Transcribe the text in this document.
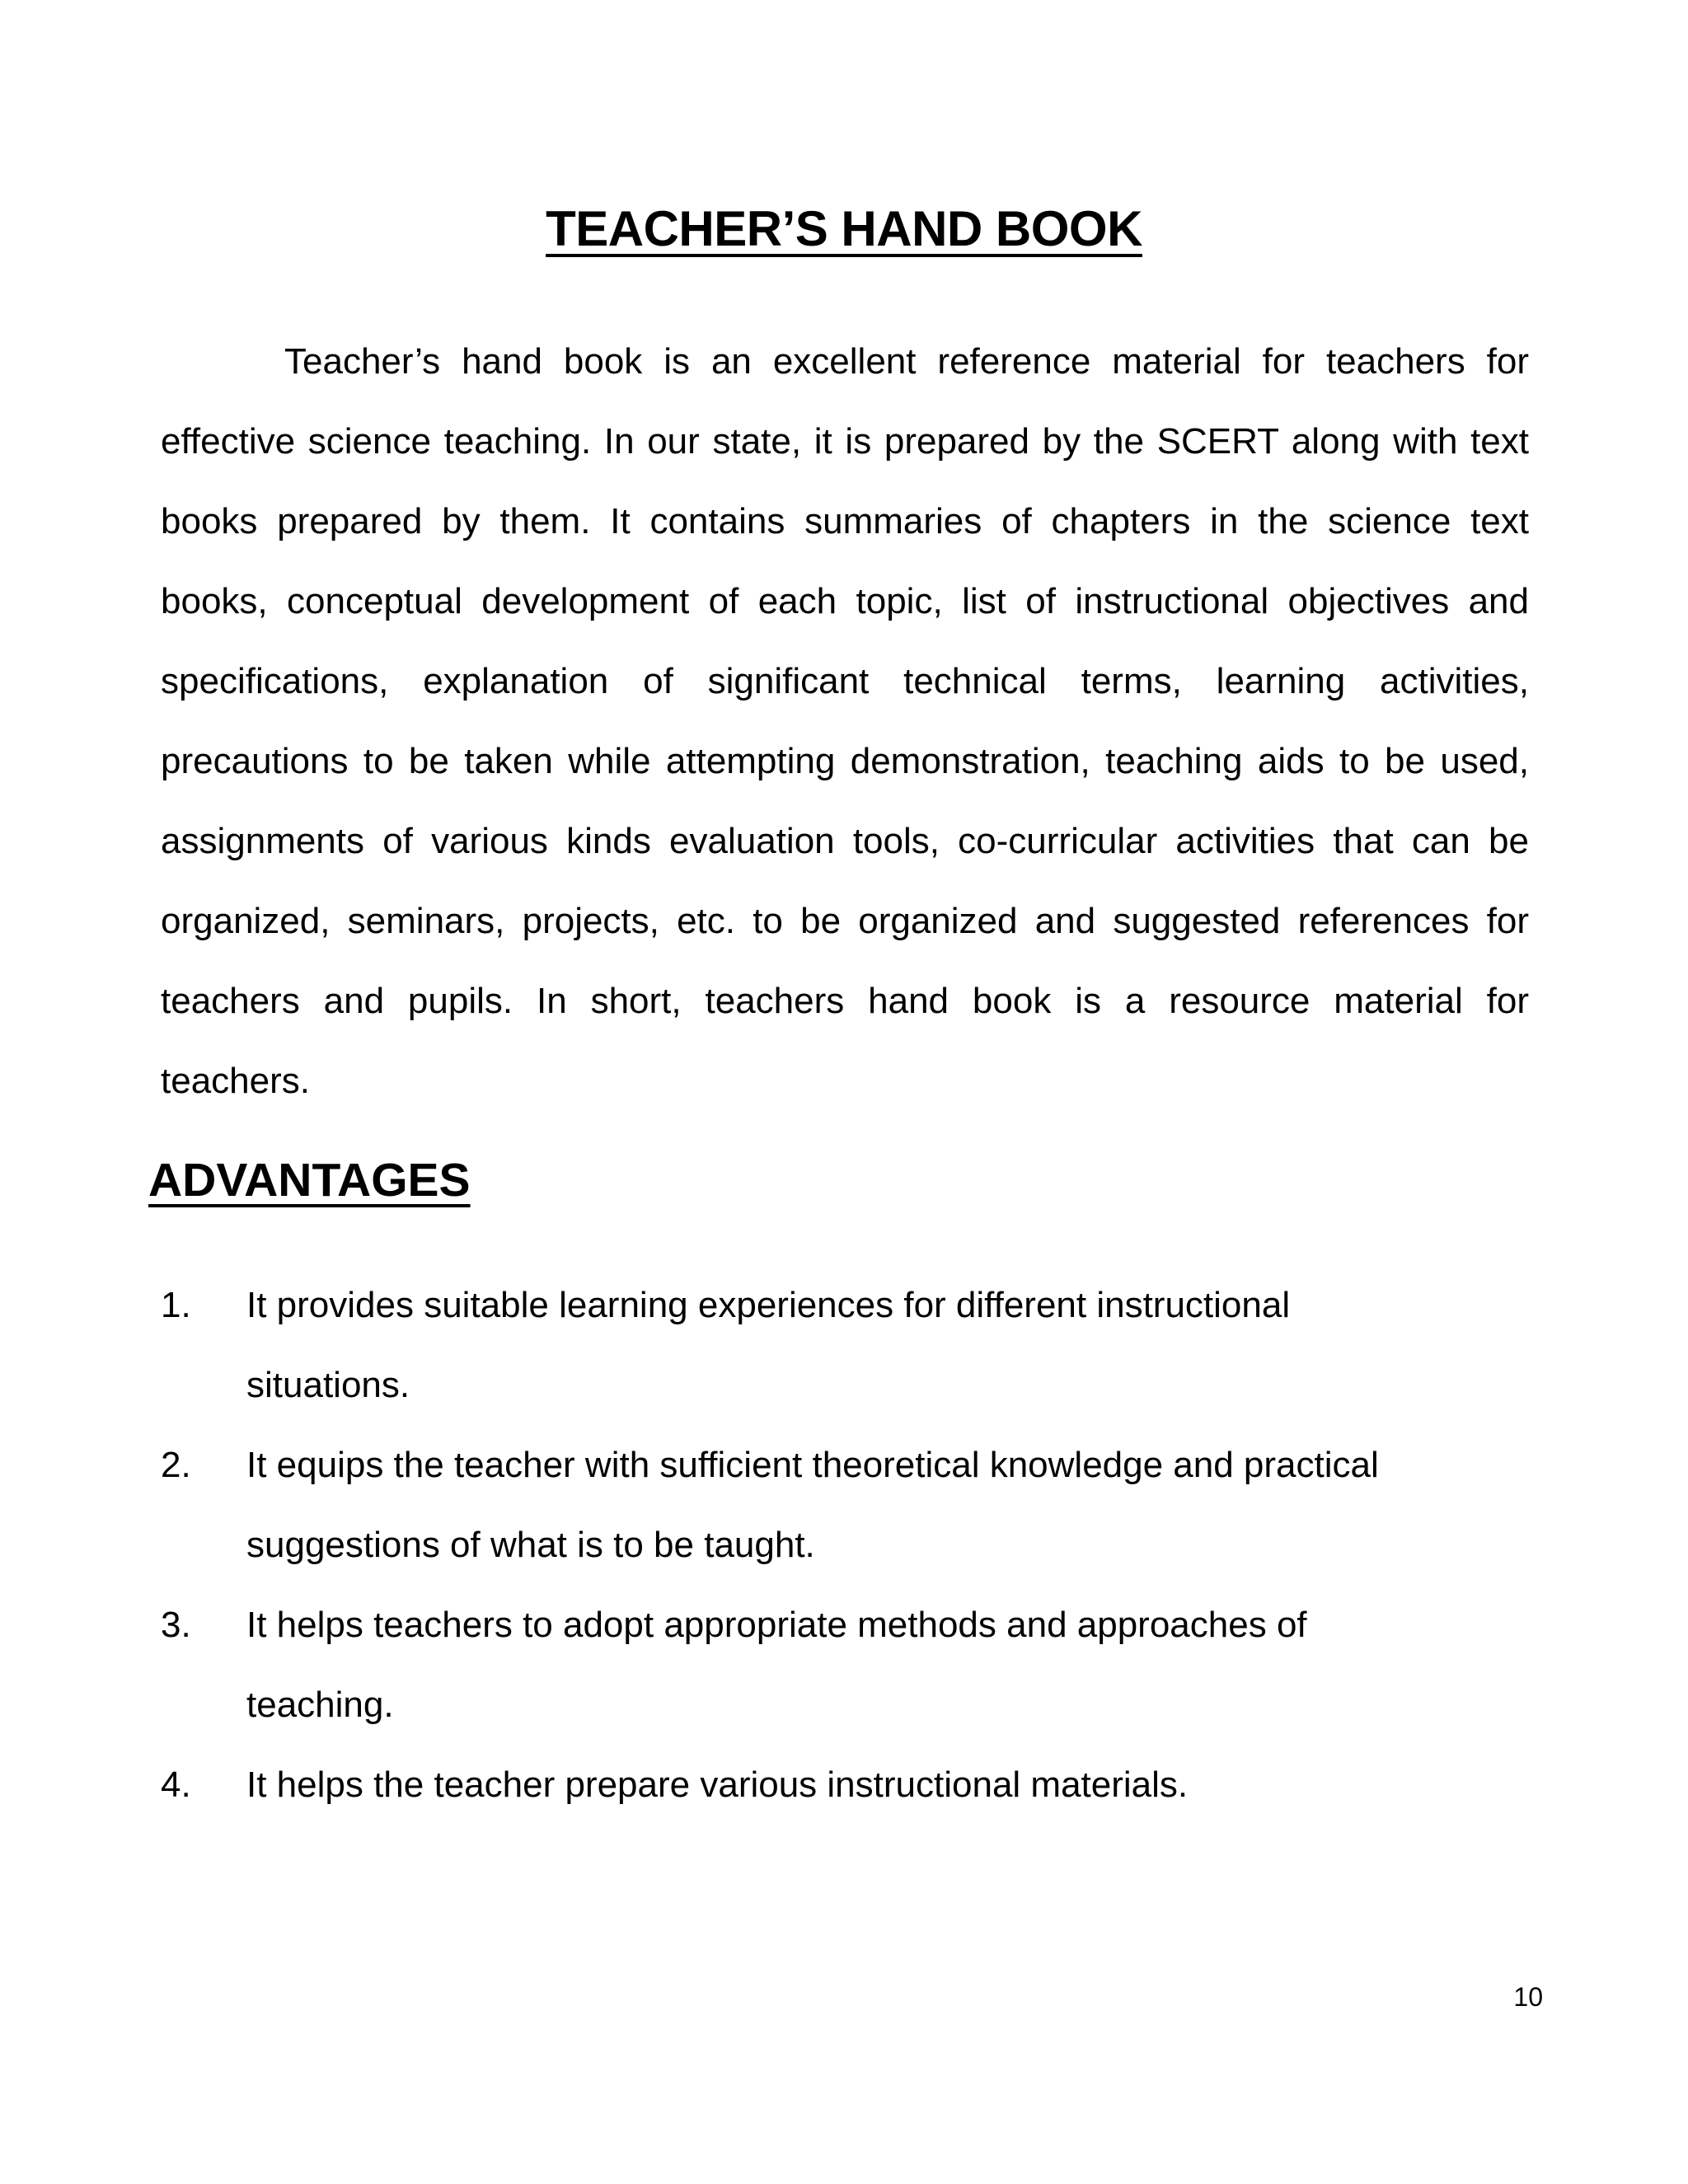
TEACHER’S HAND BOOK

Teacher’s hand book is an excellent reference material for teachers for effective science teaching. In our state, it is prepared by the SCERT along with text books prepared by them. It contains summaries of chapters in the science text books, conceptual development of each topic, list of instructional objectives and specifications, explanation of significant technical terms, learning activities, precautions to be taken while attempting demonstration, teaching aids to be used, assignments of various kinds evaluation tools, co-curricular activities that can be organized, seminars, projects, etc. to be organized and suggested references for teachers and pupils. In short, teachers hand book is a resource material for teachers.

ADVANTAGES
1. It provides suitable learning experiences for different instructional situations.
2. It equips the teacher with sufficient theoretical knowledge and practical suggestions of what is to be taught.
3. It helps teachers to adopt appropriate methods and approaches of teaching.
4. It helps the teacher prepare various instructional materials.

10
